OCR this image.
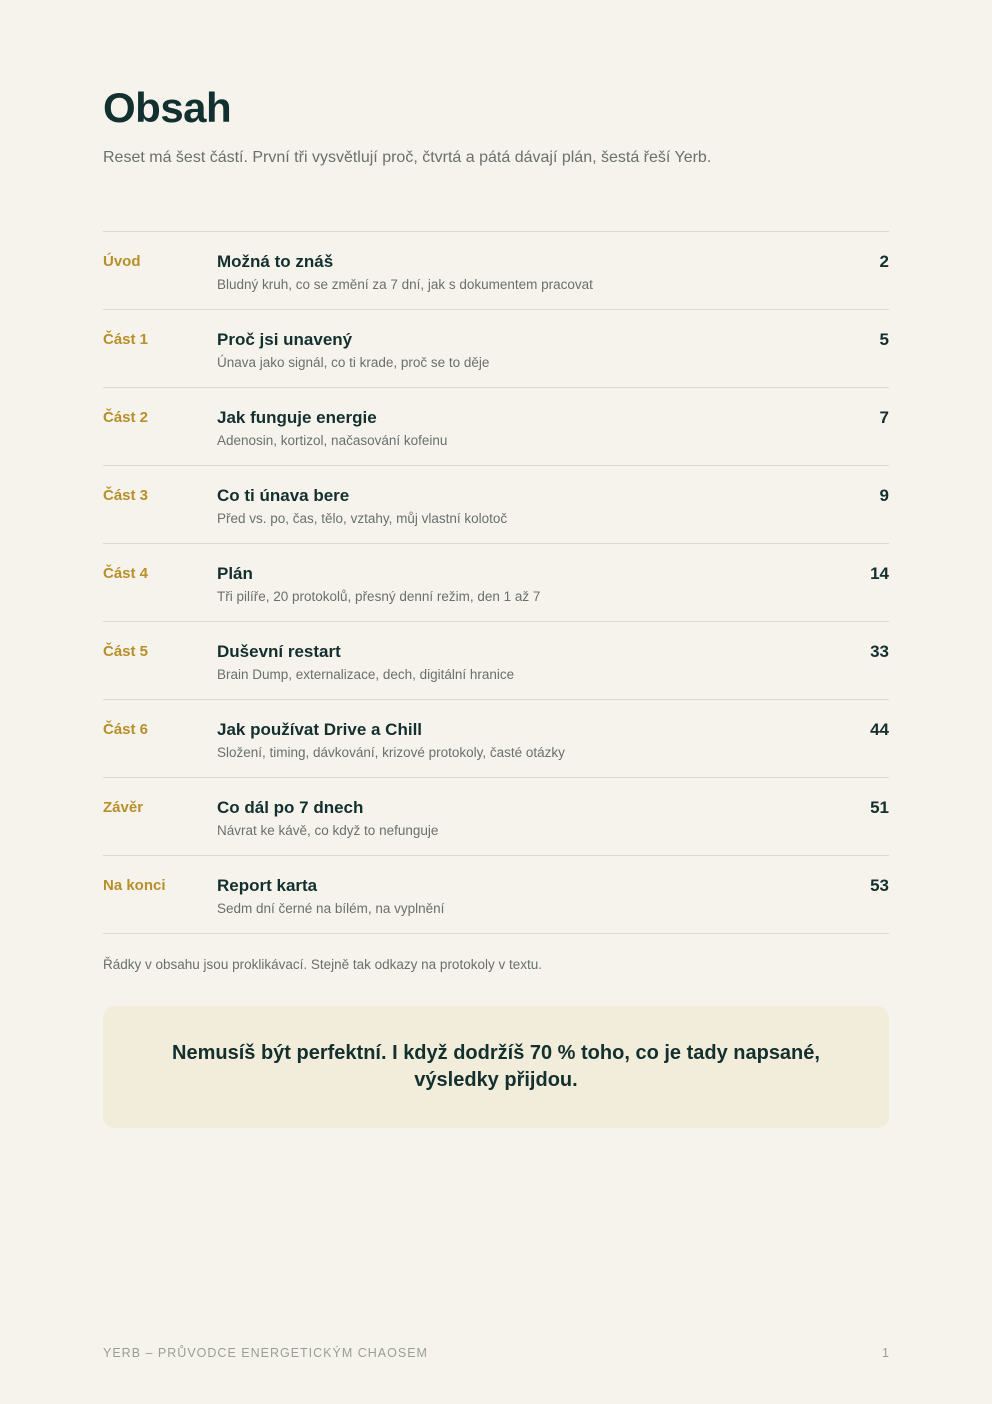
Obsah
Reset má šest částí. První tři vysvětlují proč, čtvrtá a pátá dávají plán, šestá řeší Yerb.
Úvod	Možná to znáš
Bludný kruh, co se změní za 7 dní, jak s dokumentem pracovat
2
Část 1	Proč jsi unavený
Únava jako signál, co ti krade, proč se to děje
5
Část 2	Jak funguje energie
Adenosin, kortizol, načasování kofeinu
7
Část 3	Co ti únava bere
Před vs. po, čas, tělo, vztahy, můj vlastní kolotoč
9
Část 4	Plán
Tři pilíře, 20 protokolů, přesný denní režim, den 1 až 7
14
Část 5	Duševní restart
Brain Dump, externalizace, dech, digitální hranice
33
Část 6	Jak používat Drive a Chill
Složení, timing, dávkování, krizové protokoly, časté otázky
44
Závěr	Co dál po 7 dnech
Návrat ke kávě, co když to nefunguje
51
Na konci	Report karta
Sedm dní černé na bílém, na vyplnění
53
Řádky v obsahu jsou proklikávací. Stejně tak odkazy na protokoly v textu.
Nemusíš být perfektní. I když dodržíš 70 % toho, co je tady napsané, výsledky přijdou.
YERB – PRŮVODCE ENERGETICKÝM CHAOSEM	1
